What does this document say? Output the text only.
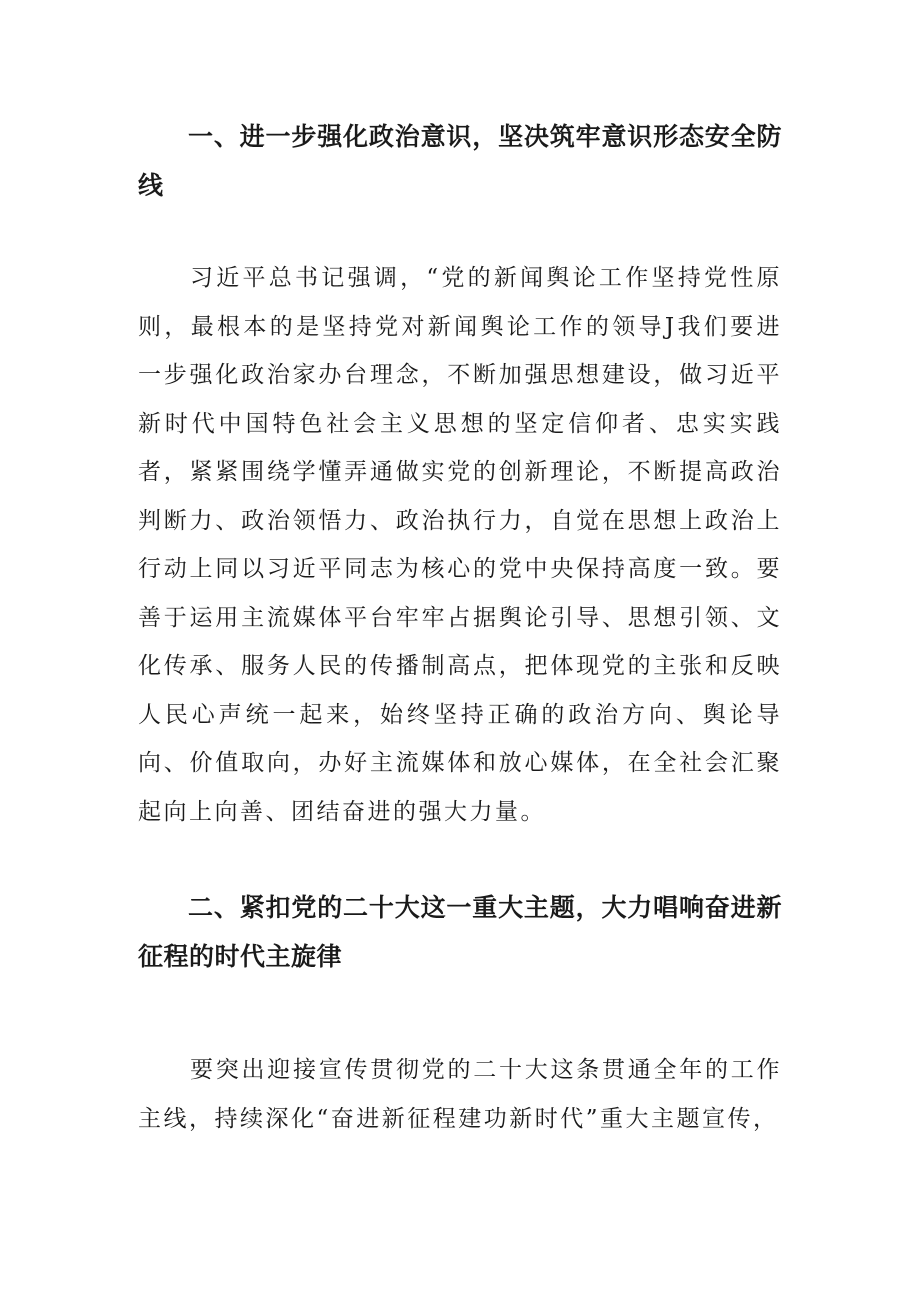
一、进一步强化政治意识，坚决筑牢意识形态安全防线

习近平总书记强调，“党的新闻舆论工作坚持党性原则，最根本的是坚持党对新闻舆论工作的领导J我们要进一步强化政治家办台理念，不断加强思想建设，做习近平新时代中国特色社会主义思想的坚定信仰者、忠实实践者，紧紧围绕学懂弄通做实党的创新理论，不断提高政治判断力、政治领悟力、政治执行力，自觉在思想上政治上行动上同以习近平同志为核心的党中央保持高度一致。要善于运用主流媒体平台牢牢占据舆论引导、思想引领、文化传承、服务人民的传播制高点，把体现党的主张和反映人民心声统一起来，始终坚持正确的政治方向、舆论导向、价值取向，办好主流媒体和放心媒体，在全社会汇聚起向上向善、团结奋进的强大力量。

二、紧扣党的二十大这一重大主题，大力唱响奋进新征程的时代主旋律

要突出迎接宣传贯彻党的二十大这条贯通全年的工作主线，持续深化“奋进新征程建功新时代”重大主题宣传，
